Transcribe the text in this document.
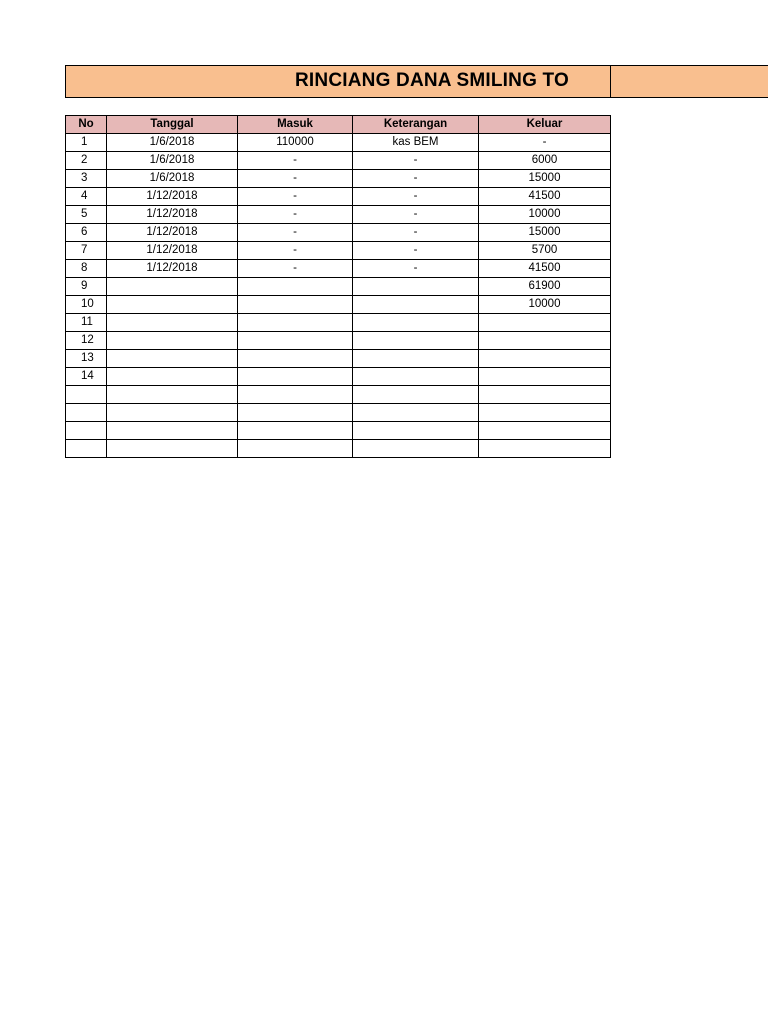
RINCIANG DANA SMILING TO
No	Tanggal	Masuk	Keterangan	Keluar
1	1/6/2018	110000	kas BEM	-
2	1/6/2018	-	-	6000
3	1/6/2018	-	-	15000
4	1/12/2018	-	-	41500
5	1/12/2018	-	-	10000
6	1/12/2018	-	-	15000
7	1/12/2018	-	-	5700
8	1/12/2018	-	-	41500
9				61900
10				10000
11				
12				
13				
14				
